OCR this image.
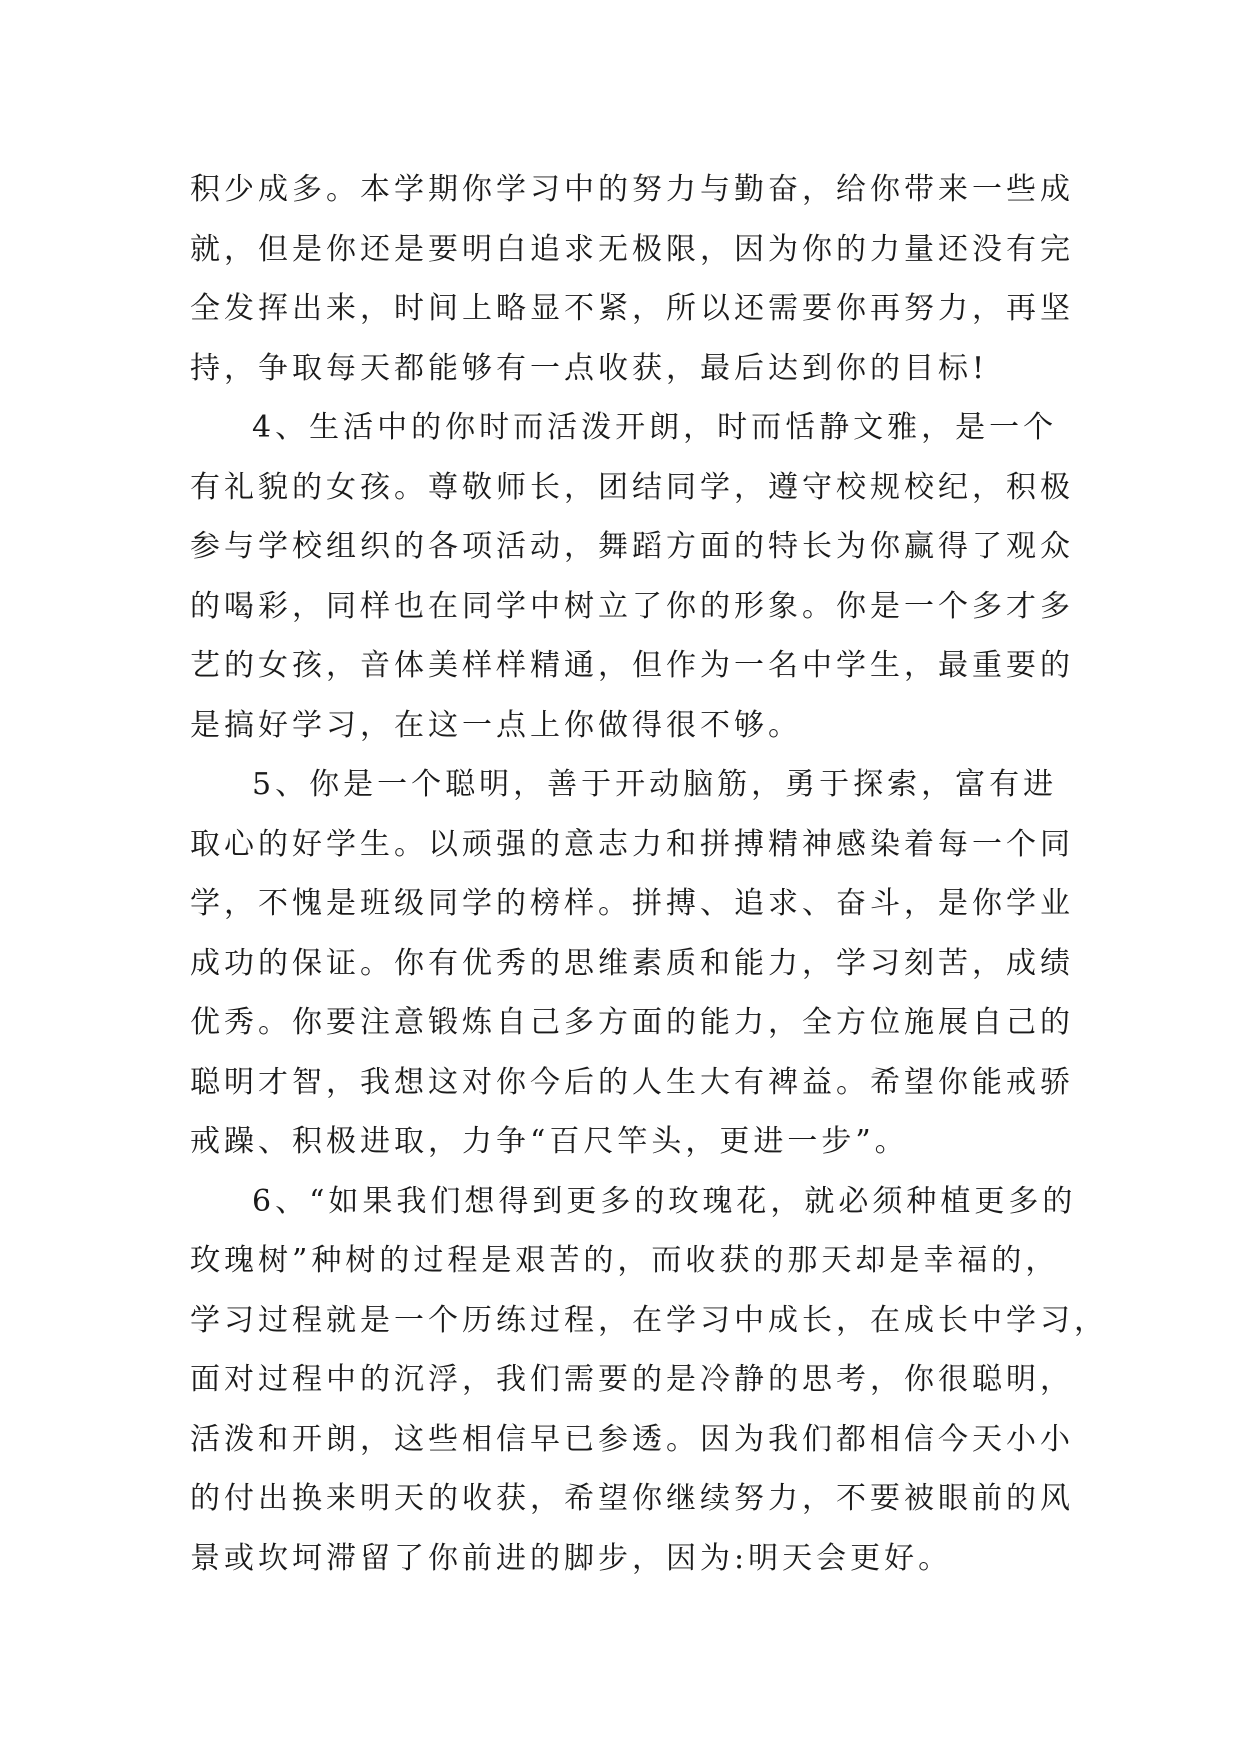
积少成多。本学期你学习中的努力与勤奋，给你带来一些成
就，但是你还是要明白追求无极限，因为你的力量还没有完
全发挥出来，时间上略显不紧，所以还需要你再努力，再坚
持，争取每天都能够有一点收获，最后达到你的目标!
4、生活中的你时而活泼开朗，时而恬静文雅，是一个
有礼貌的女孩。尊敬师长，团结同学，遵守校规校纪，积极
参与学校组织的各项活动，舞蹈方面的特长为你赢得了观众
的喝彩，同样也在同学中树立了你的形象。你是一个多才多
艺的女孩，音体美样样精通，但作为一名中学生，最重要的
是搞好学习，在这一点上你做得很不够。
5、你是一个聪明，善于开动脑筋，勇于探索，富有进
取心的好学生。以顽强的意志力和拼搏精神感染着每一个同
学，不愧是班级同学的榜样。拼搏、追求、奋斗，是你学业
成功的保证。你有优秀的思维素质和能力，学习刻苦，成绩
优秀。你要注意锻炼自己多方面的能力，全方位施展自己的
聪明才智，我想这对你今后的人生大有裨益。希望你能戒骄
戒躁、积极进取，力争“百尺竿头，更进一步”。
6、“如果我们想得到更多的玫瑰花，就必须种植更多的
玫瑰树”种树的过程是艰苦的，而收获的那天却是幸福的，
学习过程就是一个历练过程，在学习中成长，在成长中学习，
面对过程中的沉浮，我们需要的是冷静的思考，你很聪明，
活泼和开朗，这些相信早已参透。因为我们都相信今天小小
的付出换来明天的收获，希望你继续努力，不要被眼前的风
景或坎坷滞留了你前进的脚步，因为:明天会更好。
